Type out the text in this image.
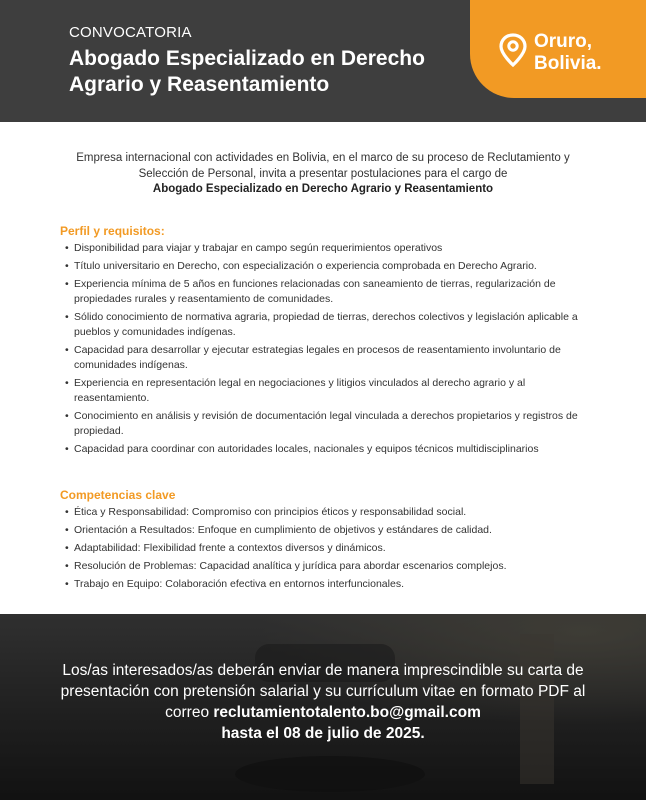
CONVOCATORIA
Abogado Especializado en Derecho Agrario y Reasentamiento
Oruro,
Bolivia.
Empresa internacional con actividades en Bolivia, en el marco de su proceso de Reclutamiento y Selección de Personal, invita a presentar postulaciones para el cargo de
Abogado Especializado en Derecho Agrario y Reasentamiento
Perfil y requisitos:
• Disponibilidad para viajar y trabajar en campo según requerimientos operativos
• Título universitario en Derecho, con especialización o experiencia comprobada en Derecho Agrario.
• Experiencia mínima de 5 años en funciones relacionadas con saneamiento de tierras, regularización de propiedades rurales y reasentamiento de comunidades.
• Sólido conocimiento de normativa agraria, propiedad de tierras, derechos colectivos y legislación aplicable a pueblos y comunidades indígenas.
• Capacidad para desarrollar y ejecutar estrategias legales en procesos de reasentamiento involuntario de comunidades indígenas.
• Experiencia en representación legal en negociaciones y litigios vinculados al derecho agrario y al reasentamiento.
• Conocimiento en análisis y revisión de documentación legal vinculada a derechos propietarios y registros de propiedad.
• Capacidad para coordinar con autoridades locales, nacionales y equipos técnicos multidisciplinarios
Competencias clave
• Ética y Responsabilidad: Compromiso con principios éticos y responsabilidad social.
• Orientación a Resultados: Enfoque en cumplimiento de objetivos y estándares de calidad.
• Adaptabilidad: Flexibilidad frente a contextos diversos y dinámicos.
• Resolución de Problemas: Capacidad analítica y jurídica para abordar escenarios complejos.
• Trabajo en Equipo: Colaboración efectiva en entornos interfuncionales.
Los/as interesados/as deberán enviar de manera imprescindible su carta de presentación con pretensión salarial y su currículum vitae en formato PDF al correo reclutamientotalento.bo@gmail.com
hasta el 08 de julio de 2025.
